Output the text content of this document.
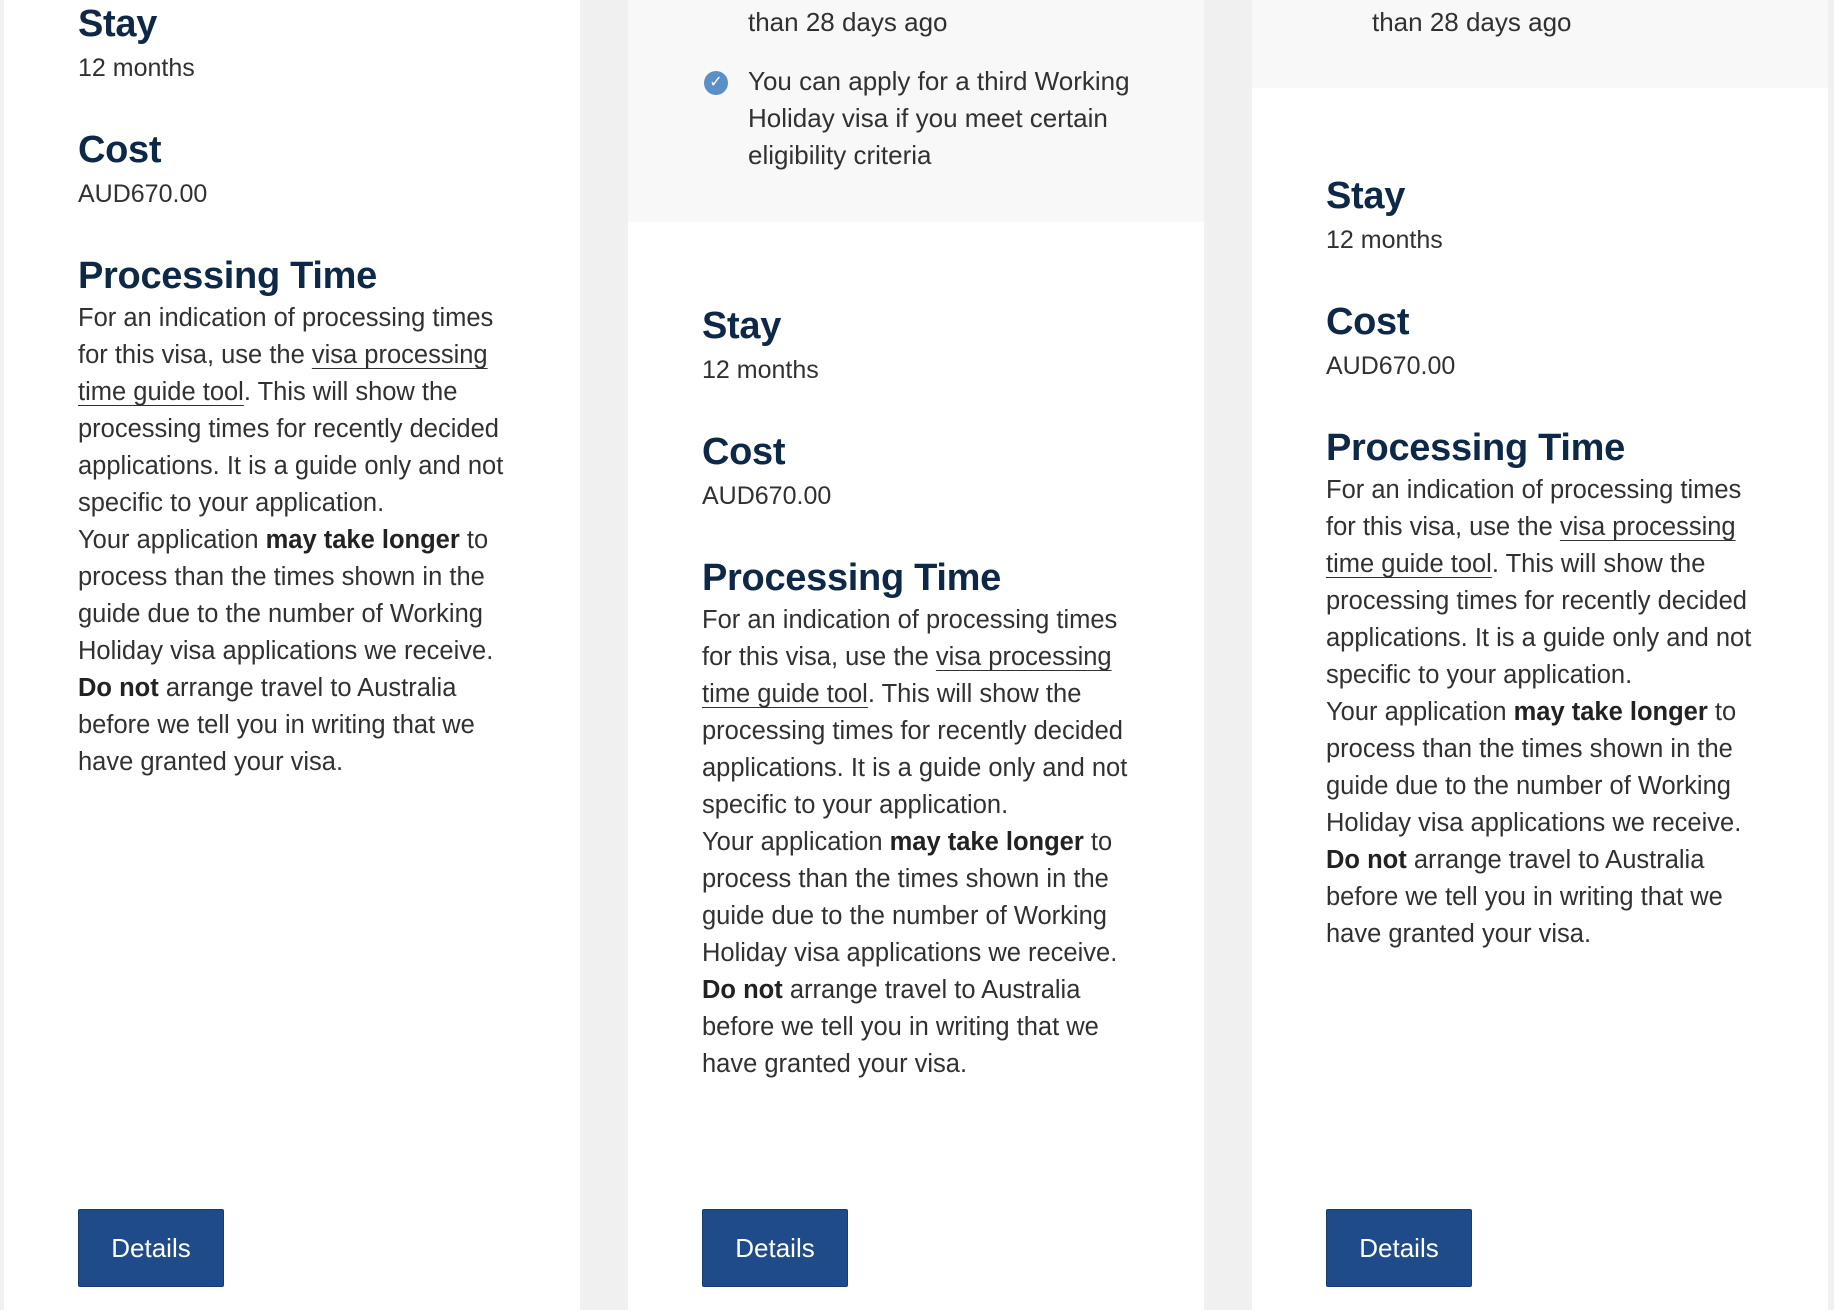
Stay
12 months
Cost
AUD670.00
Processing Time

For an indication of processing times for this visa, use the visa processing time guide tool. This will show the processing times for recently decided applications. It is a guide only and not specific to your application.

Your application may take longer to process than the times shown in the guide due to the number of Working Holiday visa applications we receive.

Do not arrange travel to Australia before we tell you in writing that we have granted your visa.

Details
than 28 days ago
✓ You can apply for a third Working Holiday visa if you meet certain eligibility criteria
Stay
12 months
Cost
AUD670.00
Processing Time

For an indication of processing times for this visa, use the visa processing time guide tool. This will show the processing times for recently decided applications. It is a guide only and not specific to your application.

Your application may take longer to process than the times shown in the guide due to the number of Working Holiday visa applications we receive.

Do not arrange travel to Australia before we tell you in writing that we have granted your visa.

Details
than 28 days ago
Stay
12 months
Cost
AUD670.00
Processing Time

For an indication of processing times for this visa, use the visa processing time guide tool. This will show the processing times for recently decided applications. It is a guide only and not specific to your application.

Your application may take longer to process than the times shown in the guide due to the number of Working Holiday visa applications we receive.

Do not arrange travel to Australia before we tell you in writing that we have granted your visa.

Details
